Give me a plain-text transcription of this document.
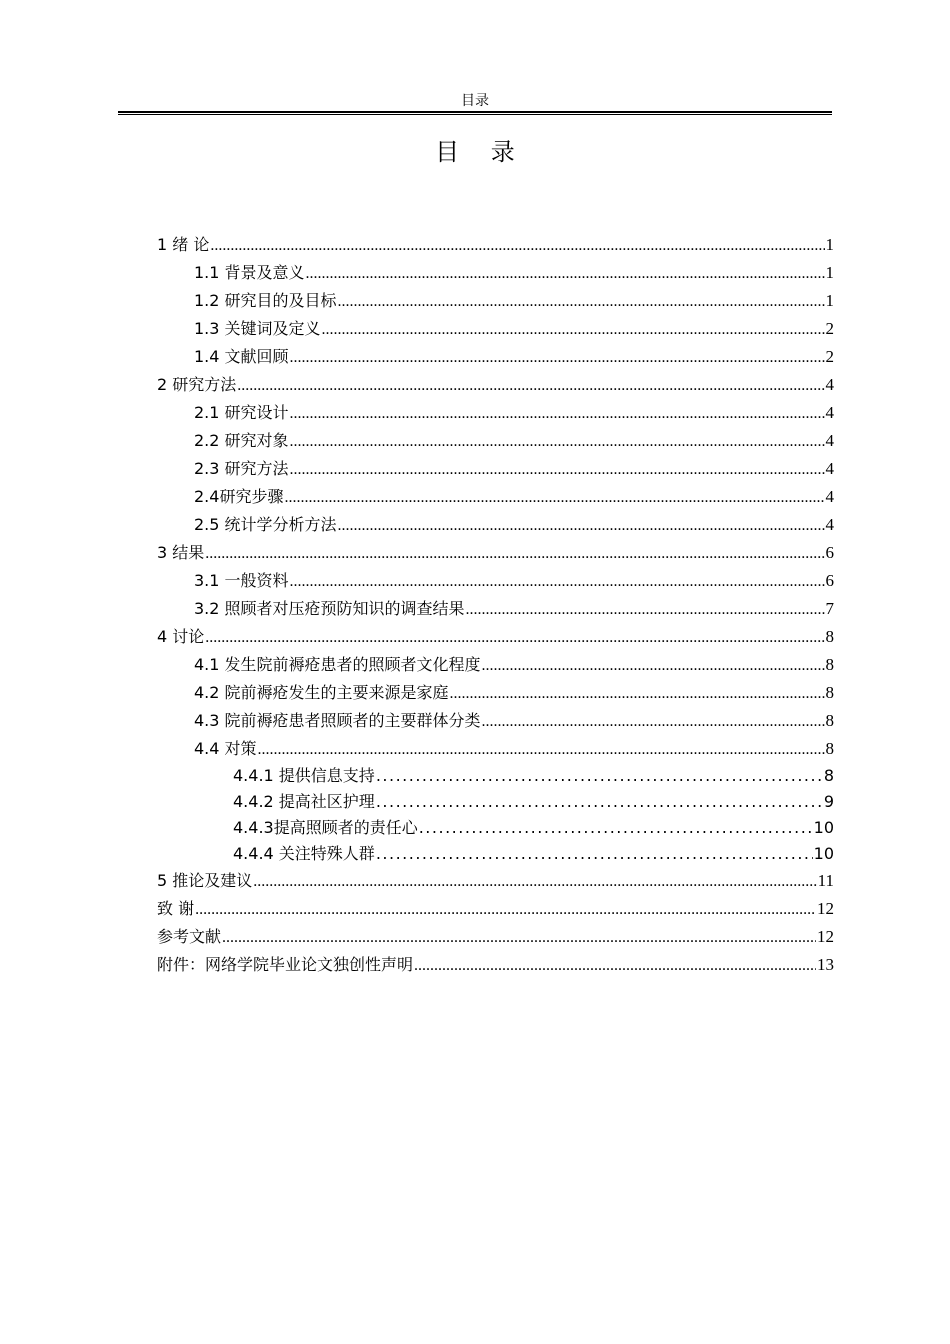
目录
目 录
1 绪 论 .....	1
1.1 背景及意义 .....	1
1.2 研究目的及目标 .....	1
1.3 关键词及定义 .....	2
1.4 文献回顾 .....	2
2 研究方法 .....	4
2.1 研究设计 .....	4
2.2 研究对象 .....	4
2.3 研究方法 .....	4
2.4研究步骤 .....	4
2.5 统计学分析方法 .....	4
3 结果 .....	6
3.1 一般资料 .....	6
3.2 照顾者对压疮预防知识的调查结果 .....	7
4 讨论 .....	8
4.1 发生院前褥疮患者的照顾者文化程度 .....	8
4.2 院前褥疮发生的主要来源是家庭 .....	8
4.3 院前褥疮患者照顾者的主要群体分类 .....	8
4.4 对策 .....	8
4.4.1 提供信息支持 .....	8
4.4.2 提高社区护理 .....	9
4.4.3提高照顾者的责任心 .....	10
4.4.4 关注特殊人群 .....	10
5 推论及建议 .....	11
致 谢 .....	12
参考文献 .....	12
附件：网络学院毕业论文独创性声明 .....	13
